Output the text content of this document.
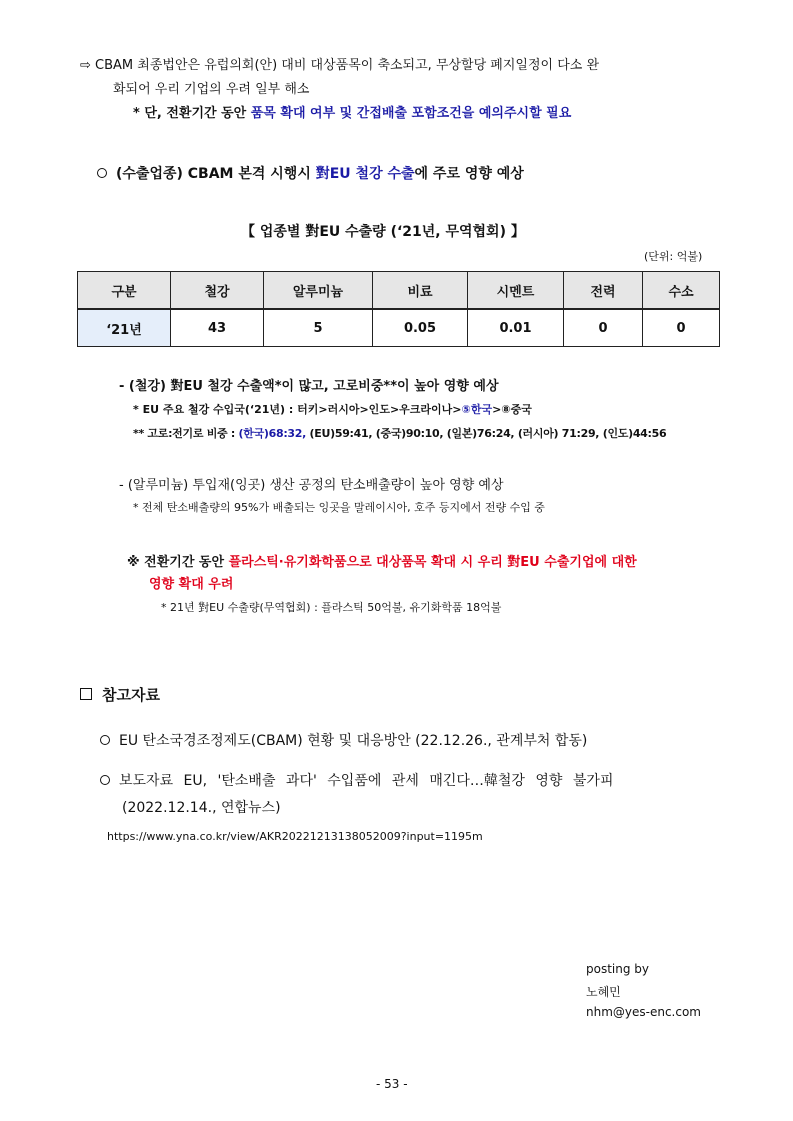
⇨ CBAM 최종법안은 유럽의회(안) 대비 대상품목이 축소되고, 무상할당 폐지일정이 다소 완
화되어 우리 기업의 우려 일부 해소
* 단, 전환기간 동안 품목 확대 여부 및 간접배출 포함조건을 예의주시할 필요
(수출업종) CBAM 본격 시행시 對EU 철강 수출에 주로 영향 예상
【 업종별 對EU 수출량 (‘21년, 무역협회) 】
(단위: 억불)
구분	철강	알루미늄	비료	시멘트	전력	수소
‘21년	43	5	0.05	0.01	0	0
- (철강) 對EU 철강 수출액*이 많고, 고로비중**이 높아 영향 예상
* EU 주요 철강 수입국(‘21년) : 터키>러시아>인도>우크라이나>⑤한국>⑧중국
** 고로:전기로 비중 : (한국)68:32, (EU)59:41, (중국)90:10, (일본)76:24, (러시아) 71:29, (인도)44:56
- (알루미늄) 투입재(잉곳) 생산 공정의 탄소배출량이 높아 영향 예상
* 전체 탄소배출량의 95%가 배출되는 잉곳을 말레이시아, 호주 등지에서 전량 수입 중
※ 전환기간 동안 플라스틱·유기화학품으로 대상품목 확대 시 우리 對EU 수출기업에 대한
영향 확대 우려
* 21년 對EU 수출량(무역협회) : 플라스틱 50억불, 유기화학품 18억불
참고자료
EU 탄소국경조정제도(CBAM) 현황 및 대응방안 (22.12.26., 관계부처 합동)
보도자료 EU, '탄소배출 과다' 수입품에 관세 매긴다…韓철강 영향 불가피
(2022.12.14., 연합뉴스)
https://www.yna.co.kr/view/AKR20221213138052009?input=1195m
posting by
노혜민
nhm@yes-enc.com
- 53 -
